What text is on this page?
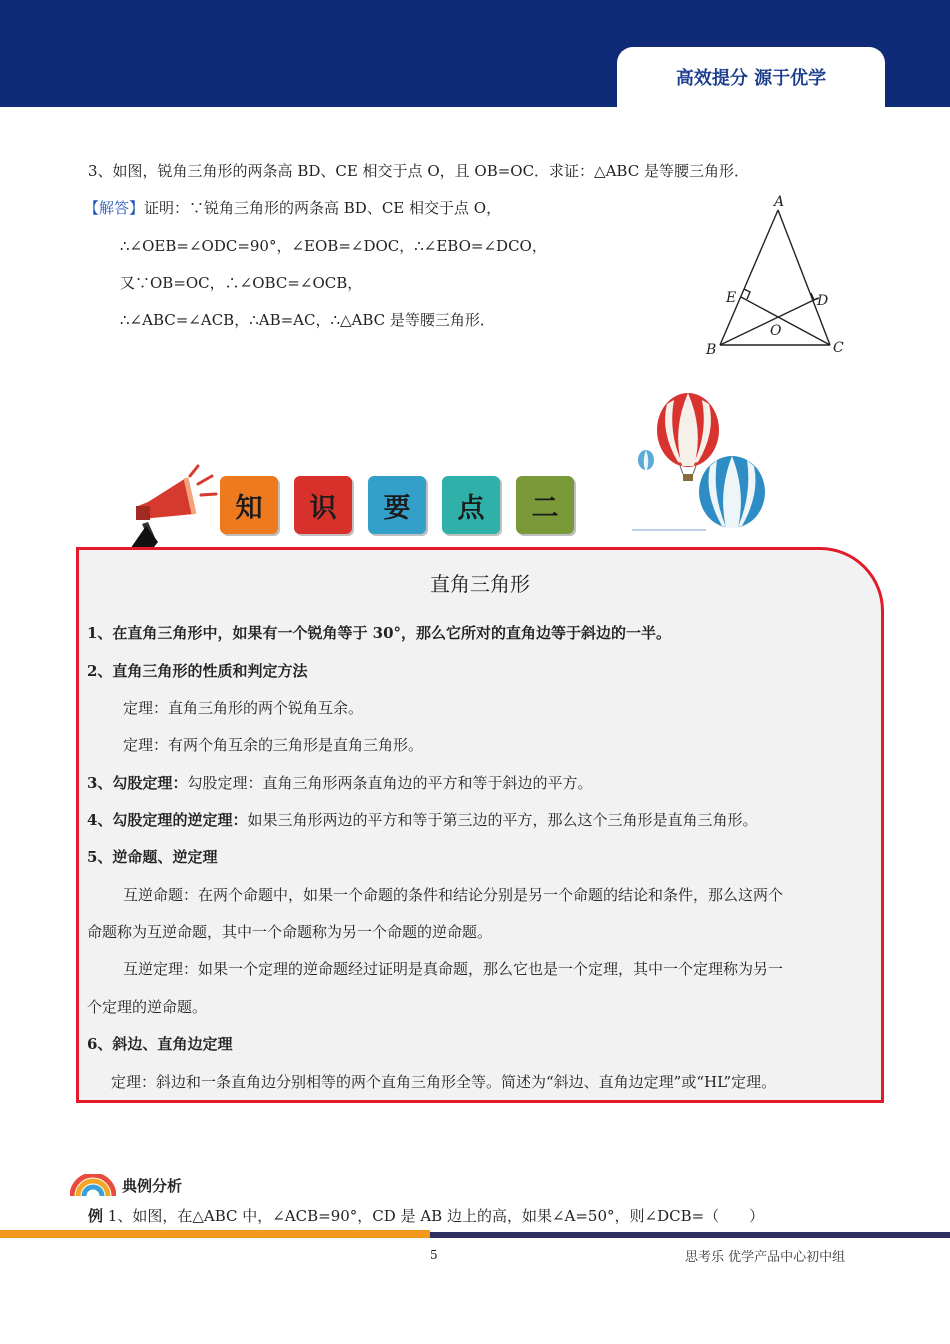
高效提分 源于优学
3、如图，锐角三角形的两条高 BD、CE 相交于点 O，且 OB=OC．求证：△ABC 是等腰三角形．
【解答】证明：∵锐角三角形的两条高 BD、CE 相交于点 O，
∴∠OEB=∠ODC=90°，∠EOB=∠DOC，∴∠EBO=∠DCO，
又∵OB=OC，∴∠OBC=∠OCB，
∴∠ABC=∠ACB，∴AB=AC，∴△ABC 是等腰三角形．
A
B	C
D
E
O
知 识 要 点 二
直角三角形
1、在直角三角形中，如果有一个锐角等于 30°，那么它所对的直角边等于斜边的一半。
2、直角三角形的性质和判定方法
定理：直角三角形的两个锐角互余。
定理：有两个角互余的三角形是直角三角形。
3、勾股定理：勾股定理：直角三角形两条直角边的平方和等于斜边的平方。
4、勾股定理的逆定理：如果三角形两边的平方和等于第三边的平方，那么这个三角形是直角三角形。
5、逆命题、逆定理
互逆命题：在两个命题中，如果一个命题的条件和结论分别是另一个命题的结论和条件，那么这两个
命题称为互逆命题，其中一个命题称为另一个命题的逆命题。
互逆定理：如果一个定理的逆命题经过证明是真命题，那么它也是一个定理，其中一个定理称为另一
个定理的逆命题。
6、斜边、直角边定理
定理：斜边和一条直角边分别相等的两个直角三角形全等。简述为“斜边、直角边定理”或“HL”定理。
典例分析
例 1、如图，在△ABC 中，∠ACB=90°，CD 是 AB 边上的高，如果∠A=50°，则∠DCB=（　　）
5	思考乐 优学产品中心初中组
